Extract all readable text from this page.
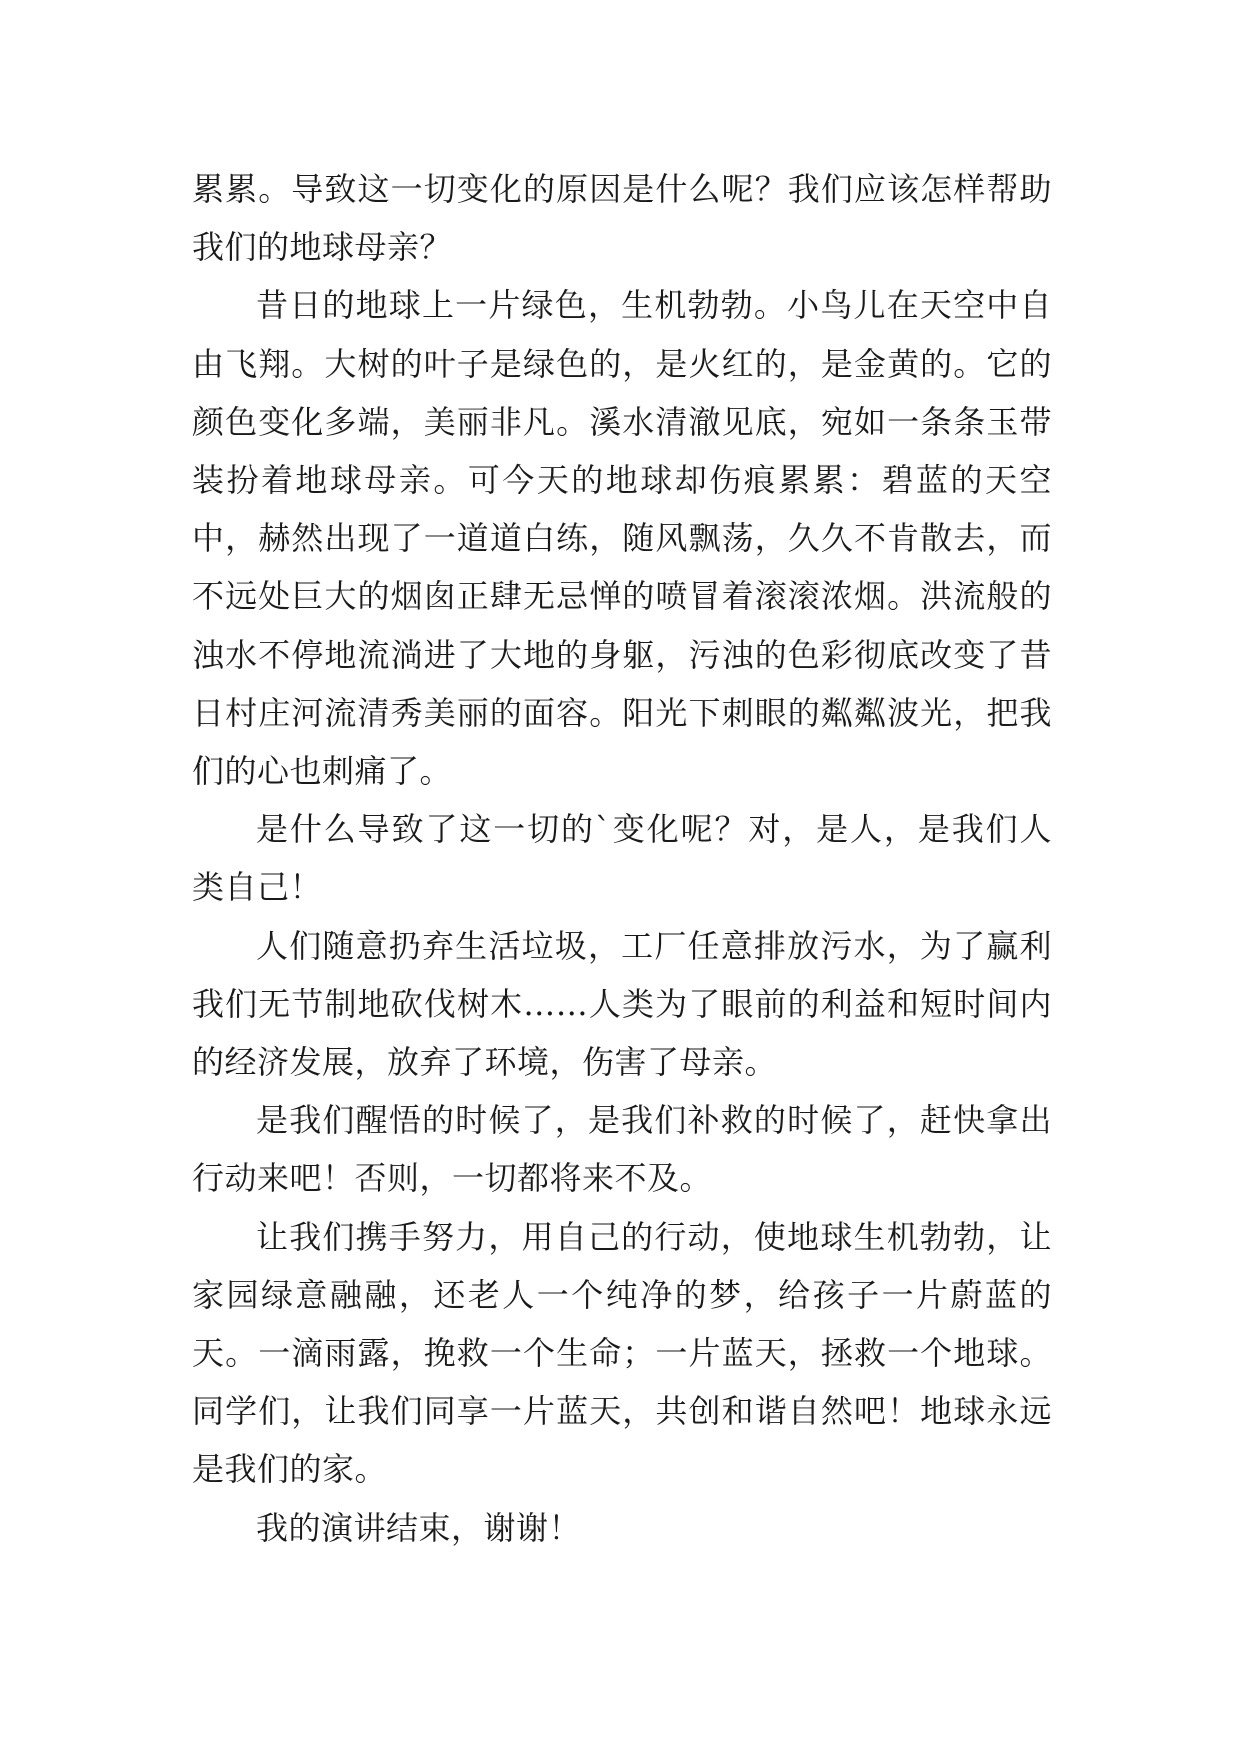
累累。导致这一切变化的原因是什么呢？我们应该怎样帮助我们的地球母亲？

昔日的地球上一片绿色，生机勃勃。小鸟儿在天空中自由飞翔。大树的叶子是绿色的，是火红的，是金黄的。它的颜色变化多端，美丽非凡。溪水清澈见底，宛如一条条玉带装扮着地球母亲。可今天的地球却伤痕累累：碧蓝的天空中，赫然出现了一道道白练，随风飘荡，久久不肯散去，而不远处巨大的烟囱正肆无忌惮的喷冒着滚滚浓烟。洪流般的浊水不停地流淌进了大地的身躯，污浊的色彩彻底改变了昔日村庄河流清秀美丽的面容。阳光下刺眼的粼粼波光，把我们的心也刺痛了。

是什么导致了这一切的`变化呢？对，是人，是我们人类自己！

人们随意扔弃生活垃圾，工厂任意排放污水，为了赢利我们无节制地砍伐树木……人类为了眼前的利益和短时间内的经济发展，放弃了环境，伤害了母亲。

是我们醒悟的时候了，是我们补救的时候了，赶快拿出行动来吧！否则，一切都将来不及。

让我们携手努力，用自己的行动，使地球生机勃勃，让家园绿意融融，还老人一个纯净的梦，给孩子一片蔚蓝的天。一滴雨露，挽救一个生命；一片蓝天，拯救一个地球。同学们，让我们同享一片蓝天，共创和谐自然吧！地球永远是我们的家。

我的演讲结束，谢谢！
